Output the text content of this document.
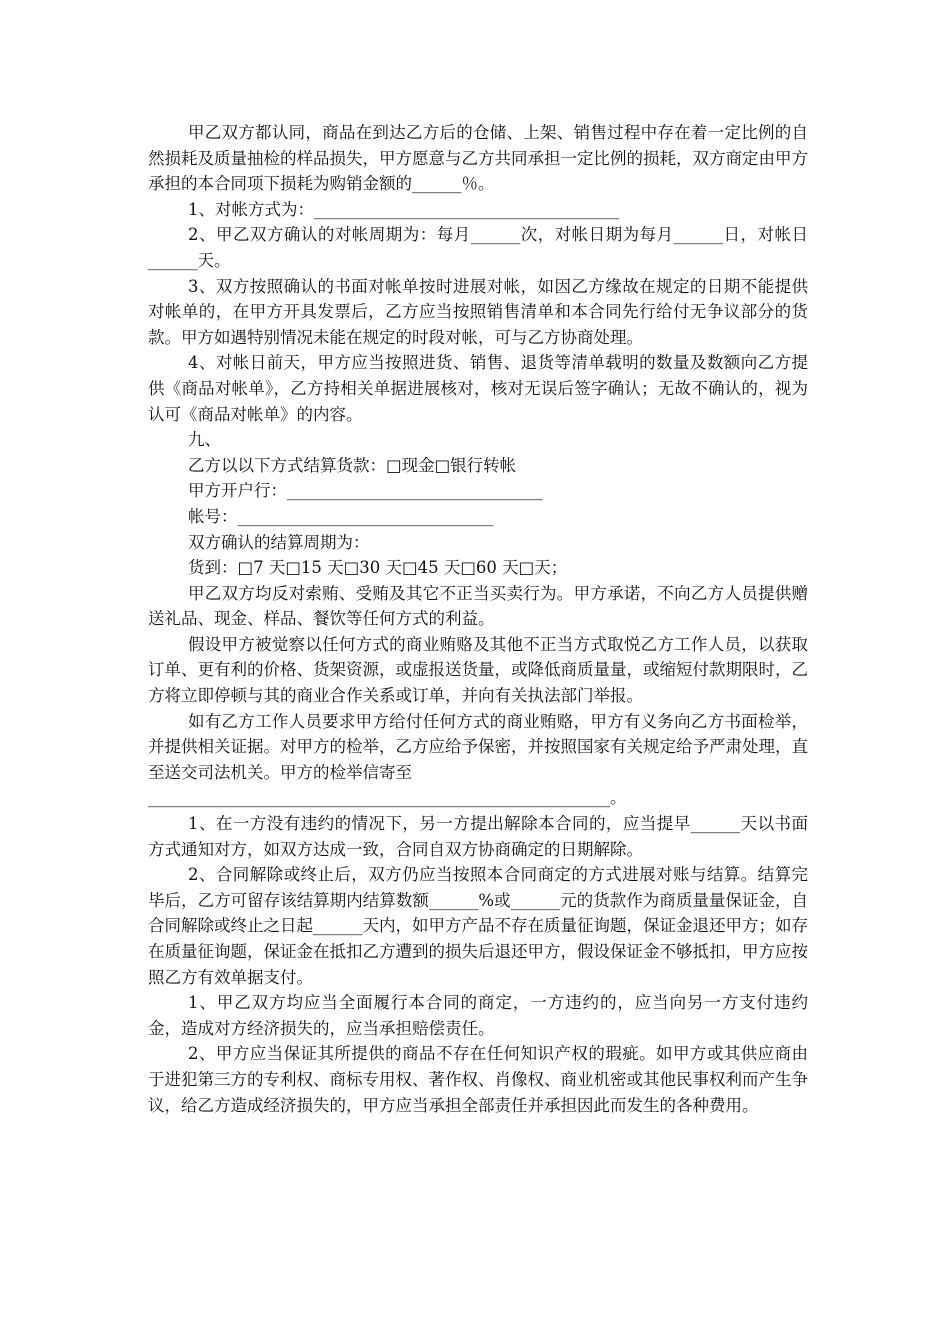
甲乙双方都认同，商品在到达乙方后的仓储、上架、销售过程中存在着一定比例的自然损耗及质量抽检的样品损失，甲方愿意与乙方共同承担一定比例的损耗，双方商定由甲方承担的本合同项下损耗为购销金额的______％。

1、对帐方式为：_____________________________________

2、甲乙双方确认的对帐周期为：每月______次，对帐日期为每月______日，对帐日______天。

3、双方按照确认的书面对帐单按时进展对帐，如因乙方缘故在规定的日期不能提供对帐单的，在甲方开具发票后，乙方应当按照销售清单和本合同先行给付无争议部分的货款。甲方如遇特别情况未能在规定的时段对帐，可与乙方协商处理。

4、对帐日前天，甲方应当按照进货、销售、退货等清单载明的数量及数额向乙方提供《商品对帐单》，乙方持相关单据进展核对，核对无误后签字确认；无故不确认的，视为认可《商品对帐单》的内容。

九、

乙方以以下方式结算货款：□现金□银行转帐

甲方开户行：_______________________________

帐号：_______________________________

双方确认的结算周期为：

货到：□7 天□15 天□30 天□45 天□60 天□天；

甲乙双方均反对索贿、受贿及其它不正当买卖行为。甲方承诺，不向乙方人员提供赠送礼品、现金、样品、餐饮等任何方式的利益。

假设甲方被觉察以任何方式的商业贿赂及其他不正当方式取悦乙方工作人员，以获取订单、更有利的价格、货架资源，或虚报送货量，或降低商质量量，或缩短付款期限时，乙方将立即停顿与其的商业合作关系或订单，并向有关执法部门举报。

如有乙方工作人员要求甲方给付任何方式的商业贿赂，甲方有义务向乙方书面检举，并提供相关证据。对甲方的检举，乙方应给予保密，并按照国家有关规定给予严肃处理，直至送交司法机关。甲方的检举信寄至

________________________________________________________。

1、在一方没有违约的情况下，另一方提出解除本合同的，应当提早______天以书面方式通知对方，如双方达成一致，合同自双方协商确定的日期解除。

2、合同解除或终止后，双方仍应当按照本合同商定的方式进展对账与结算。结算完毕后，乙方可留存该结算期内结算数额______%或______元的货款作为商质量量保证金，自合同解除或终止之日起______天内，如甲方产品不存在质量征询题，保证金退还甲方；如存在质量征询题，保证金在抵扣乙方遭到的损失后退还甲方，假设保证金不够抵扣，甲方应按照乙方有效单据支付。

1、甲乙双方均应当全面履行本合同的商定，一方违约的，应当向另一方支付违约金，造成对方经济损失的，应当承担赔偿责任。

2、甲方应当保证其所提供的商品不存在任何知识产权的瑕疵。如甲方或其供应商由于进犯第三方的专利权、商标专用权、著作权、肖像权、商业机密或其他民事权利而产生争议，给乙方造成经济损失的，甲方应当承担全部责任并承担因此而发生的各种费用。
